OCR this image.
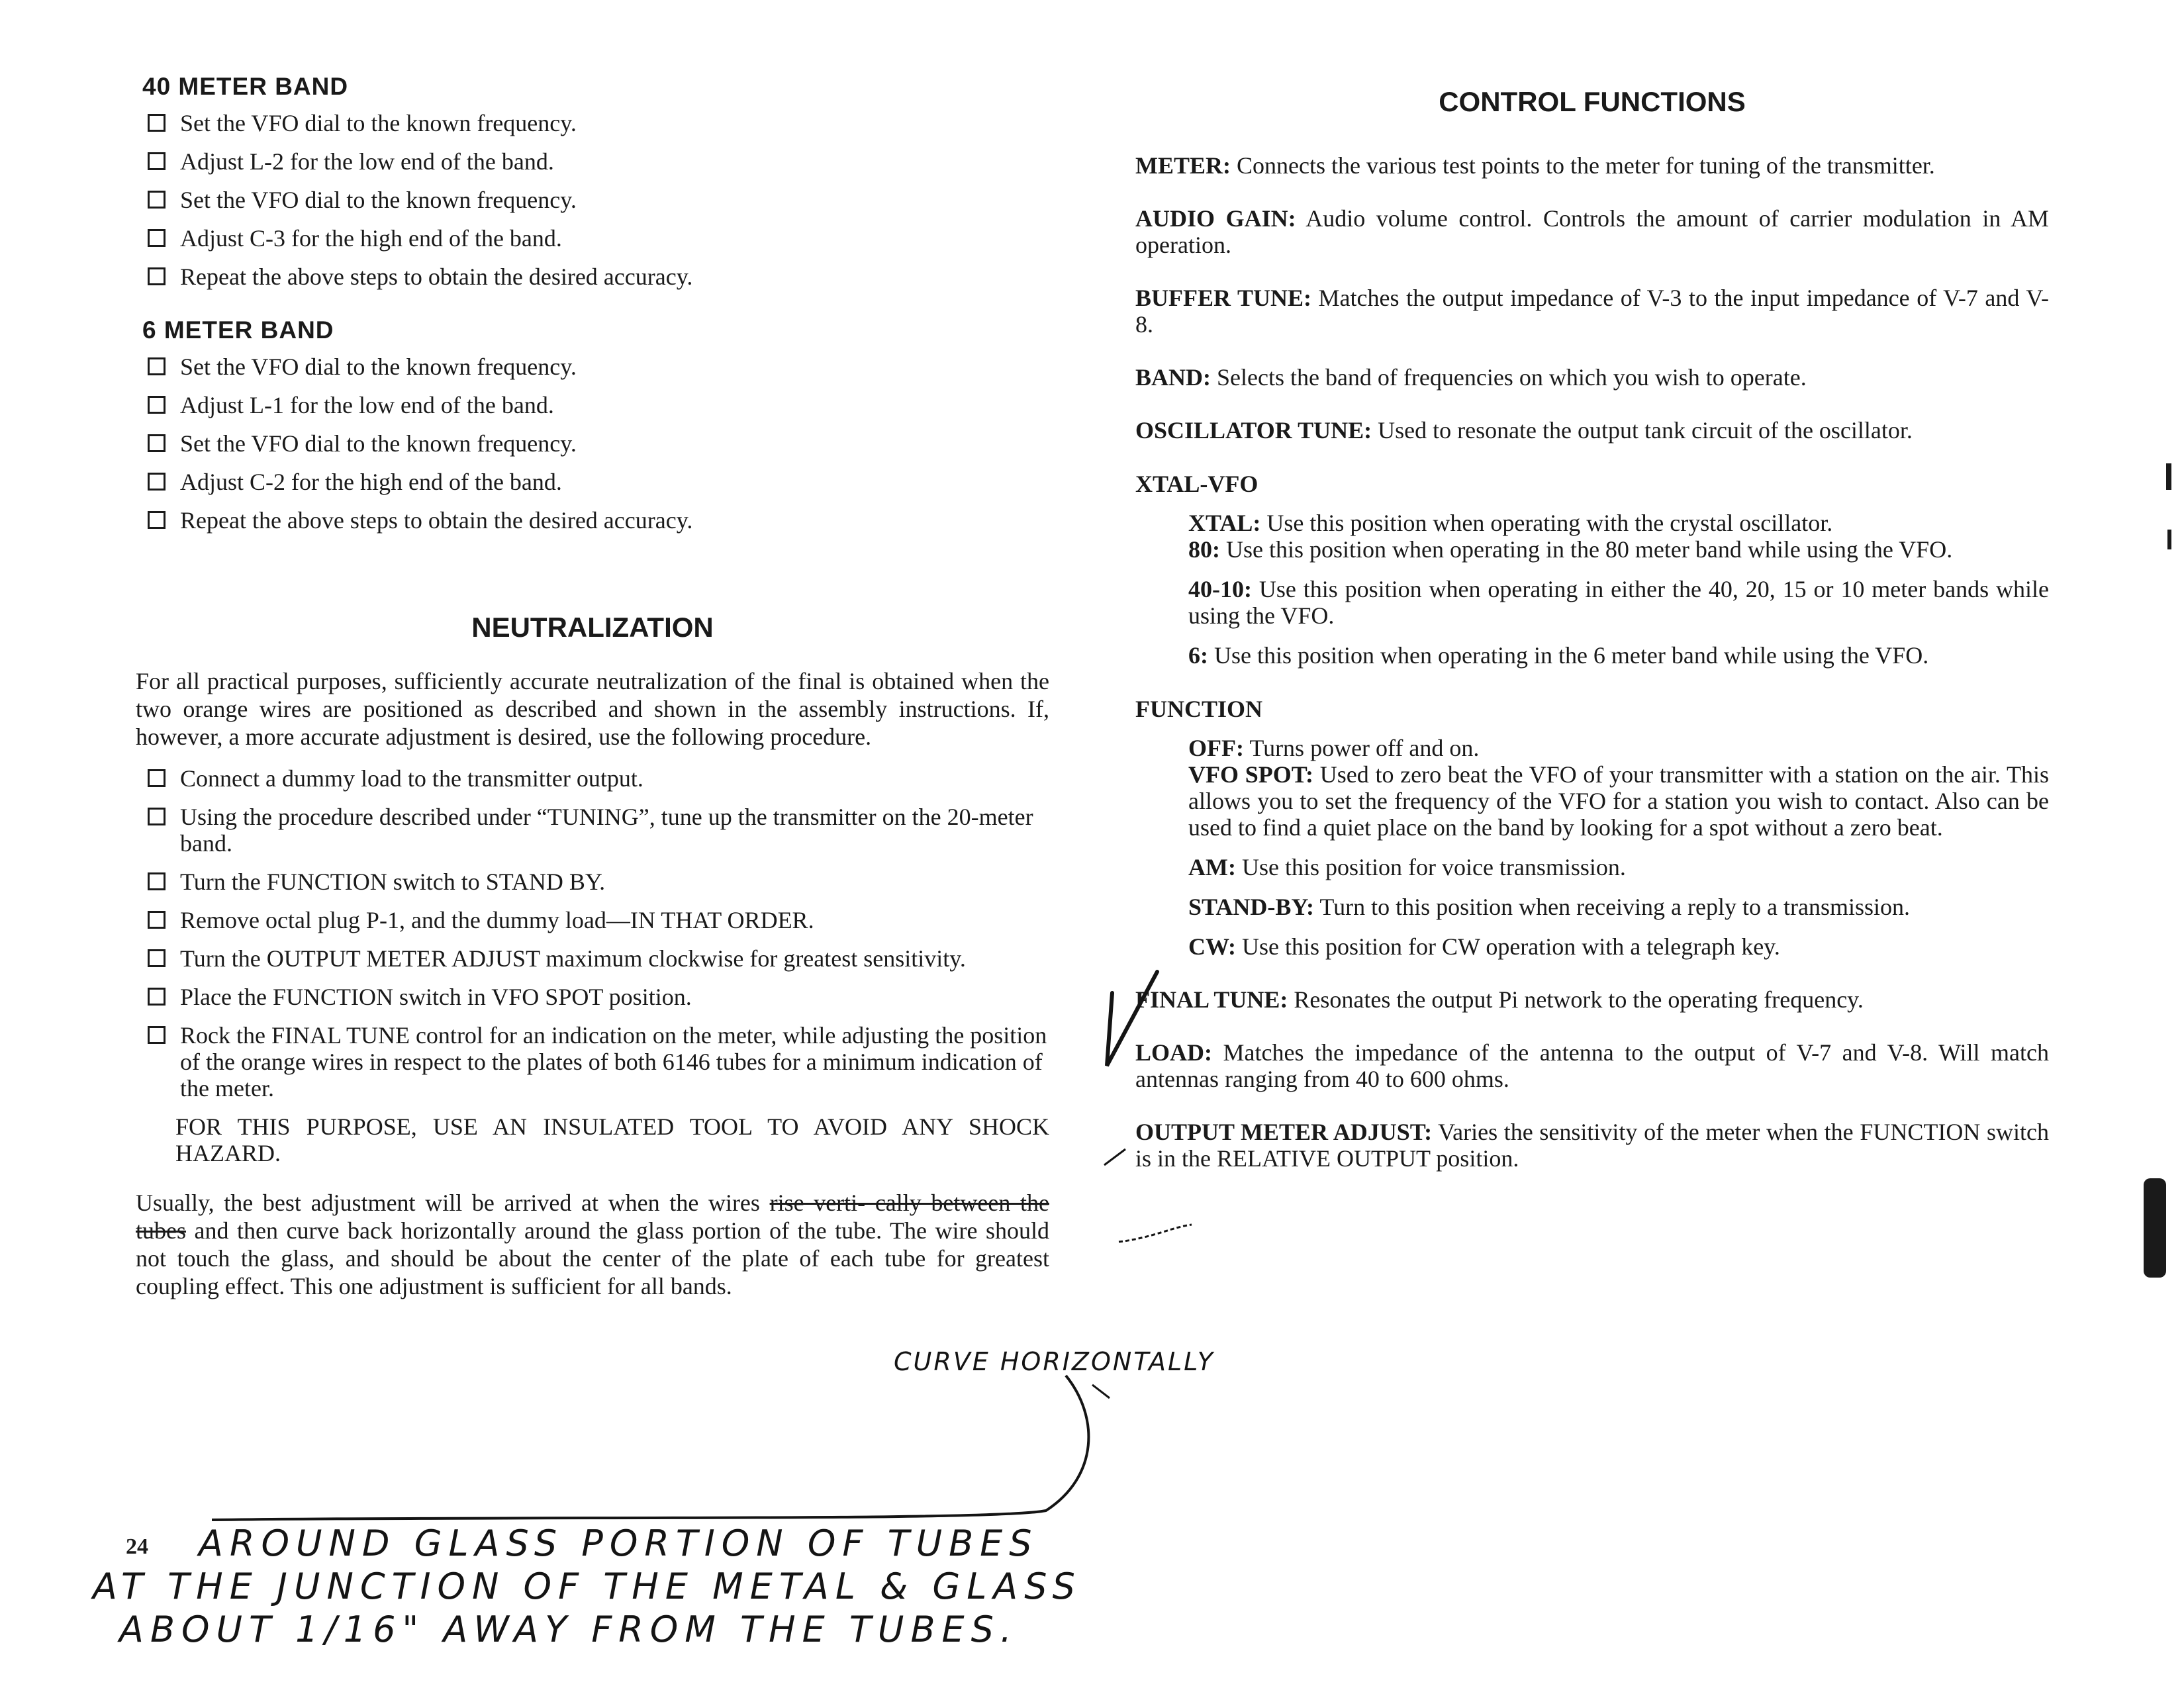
40 METER BAND
Set the VFO dial to the known frequency.
Adjust L-2 for the low end of the band.
Set the VFO dial to the known frequency.
Adjust C-3 for the high end of the band.
Repeat the above steps to obtain the desired accuracy.
6 METER BAND
Set the VFO dial to the known frequency.
Adjust L-1 for the low end of the band.
Set the VFO dial to the known frequency.
Adjust C-2 for the high end of the band.
Repeat the above steps to obtain the desired accuracy.
NEUTRALIZATION

For all practical purposes, sufficiently accurate neutralization of the final is obtained when the two orange wires are positioned as described and shown in the assembly instructions. If, however, a more accurate adjustment is desired, use the following procedure.

Connect a dummy load to the transmitter output.
Using the procedure described under “TUNING”, tune up the transmitter on the 20-meter band.
Turn the FUNCTION switch to STAND BY.
Remove octal plug P-1, and the dummy load—IN THAT ORDER.
Turn the OUTPUT METER ADJUST maximum clockwise for greatest sensitivity.
Place the FUNCTION switch in VFO SPOT position.
Rock the FINAL TUNE control for an indication on the meter, while adjusting the position of the orange wires in respect to the plates of both 6146 tubes for a minimum indication of the meter.

FOR THIS PURPOSE, USE AN INSULATED TOOL TO AVOID ANY SHOCK HAZARD.

Usually, the best adjustment will be arrived at when the wires rise verti- cally between the tubes and then curve back horizontally around the glass portion of the tube. The wire should not touch the glass, and should be about the center of the plate of each tube for greatest coupling effect. This one adjustment is sufficient for all bands.

24
CONTROL FUNCTIONS

METER: Connects the various test points to the meter for tuning of the transmitter.

AUDIO GAIN: Audio volume control. Controls the amount of carrier modulation in AM operation.

BUFFER TUNE: Matches the output impedance of V-3 to the input impedance of V-7 and V-8.

BAND: Selects the band of frequencies on which you wish to operate.

OSCILLATOR TUNE: Used to resonate the output tank circuit of the oscillator.

XTAL-VFO

XTAL: Use this position when operating with the crystal oscillator.

80: Use this position when operating in the 80 meter band while using the VFO.

40-10: Use this position when operating in either the 40, 20, 15 or 10 meter bands while using the VFO.

6: Use this position when operating in the 6 meter band while using the VFO.

FUNCTION

OFF: Turns power off and on.

VFO SPOT: Used to zero beat the VFO of your transmitter with a station on the air. This allows you to set the frequency of the VFO for a station you wish to contact. Also can be used to find a quiet place on the band by looking for a spot without a zero beat.

AM: Use this position for voice transmission.

STAND-BY: Turn to this position when receiving a reply to a transmission.

CW: Use this position for CW operation with a telegraph key.

FINAL TUNE: Resonates the output Pi network to the operating frequency.

LOAD: Matches the impedance of the antenna to the output of V-7 and V-8. Will match antennas ranging from 40 to 600 ohms.

OUTPUT METER ADJUST: Varies the sensitivity of the meter when the FUNCTION switch is in the RELATIVE OUTPUT position.

CURVE HORIZONTALLY
AROUND GLASS PORTION OF TUBES
AT THE JUNCTION OF THE METAL & GLASS
ABOUT 1/16" AWAY FROM THE TUBES.
